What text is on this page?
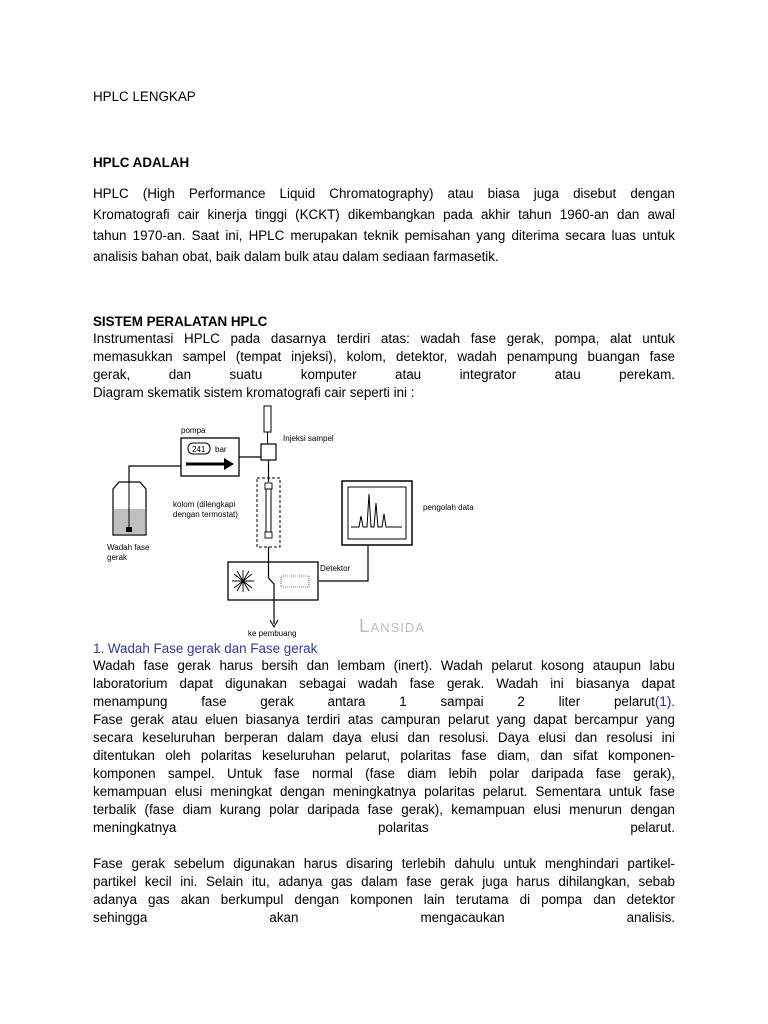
HPLC LENGKAP
HPLC ADALAH
HPLC (High Performance Liquid Chromatography) atau biasa juga disebut dengan
Kromatografi cair kinerja tinggi (KCKT) dikembangkan pada akhir tahun 1960-an dan awal
tahun 1970-an. Saat ini, HPLC merupakan teknik pemisahan yang diterima secara luas untuk
analisis bahan obat, baik dalam bulk atau dalam sediaan farmasetik.
SISTEM PERALATAN HPLC
Instrumentasi HPLC pada dasarnya terdiri atas: wadah fase gerak, pompa, alat untuk
memasukkan sampel (tempat injeksi), kolom, detektor, wadah penampung buangan fase
gerak, dan suatu komputer atau integrator atau perekam.
Diagram skematik sistem kromatografi cair seperti ini :
pompa
241 bar
Injeksi sampel
kolom (dilengkapi
dengan termostat)
Wadah fase
gerak
Detektor
ke pembuang
pengolah data
Lansida
1. Wadah Fase gerak dan Fase gerak
Wadah fase gerak harus bersih dan lembam (inert). Wadah pelarut kosong ataupun labu
laboratorium dapat digunakan sebagai wadah fase gerak. Wadah ini biasanya dapat
menampung fase gerak antara 1 sampai 2 liter pelarut (1).
Fase gerak atau eluen biasanya terdiri atas campuran pelarut yang dapat bercampur yang
secara keseluruhan berperan dalam daya elusi dan resolusi. Daya elusi dan resolusi ini
ditentukan oleh polaritas keseluruhan pelarut, polaritas fase diam, dan sifat komponen-
komponen sampel. Untuk fase normal (fase diam lebih polar daripada fase gerak),
kemampuan elusi meningkat dengan meningkatnya polaritas pelarut. Sementara untuk fase
terbalik (fase diam kurang polar daripada fase gerak), kemampuan elusi menurun dengan
meningkatnya polaritas pelarut.
Fase gerak sebelum digunakan harus disaring terlebih dahulu untuk menghindari partikel-
partikel kecil ini. Selain itu, adanya gas dalam fase gerak juga harus dihilangkan, sebab
adanya gas akan berkumpul dengan komponen lain terutama di pompa dan detektor
sehingga akan mengacaukan analisis.
